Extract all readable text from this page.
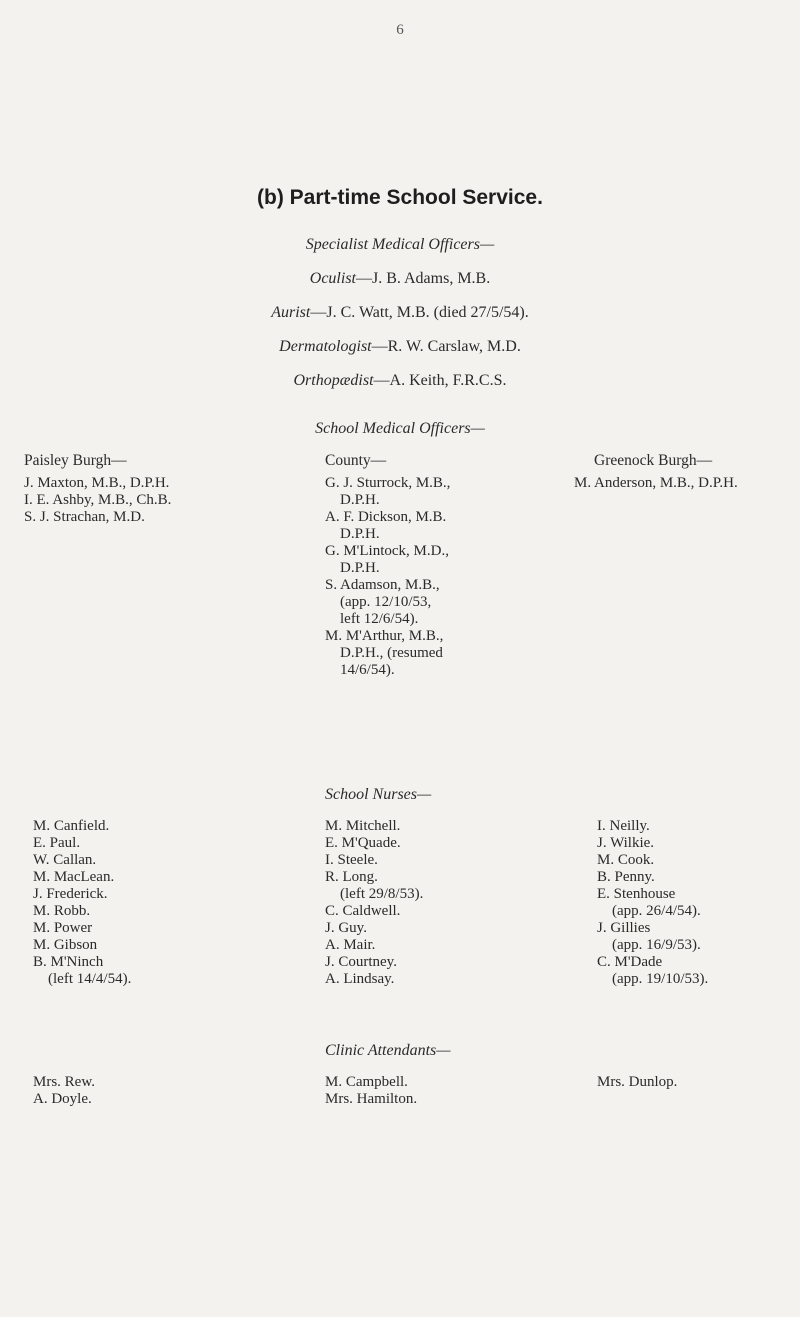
6
(b) Part-time School Service.
Specialist Medical Officers—
Oculist—J. B. Adams, M.B.
Aurist—J. C. Watt, M.B. (died 27/5/54).
Dermatologist—R. W. Carslaw, M.D.
Orthopædist—A. Keith, F.R.C.S.
School Medical Officers—
Paisley Burgh—
J. Maxton, M.B., D.P.H.
I. E. Ashby, M.B., Ch.B.
S. J. Strachan, M.D.
County—
G. J. Sturrock, M.B.,
D.P.H.
A. F. Dickson, M.B.
D.P.H.
G. M'Lintock, M.D.,
D.P.H.
S. Adamson, M.B.,
(app. 12/10/53,
left 12/6/54).
M. M'Arthur, M.B.,
D.P.H., (resumed
14/6/54).
Greenock Burgh—
M. Anderson, M.B., D.P.H.
School Nurses—
M. Canfield.
E. Paul.
W. Callan.
M. MacLean.
J. Frederick.
M. Robb.
M. Power
M. Gibson
B. M'Ninch
(left 14/4/54).
M. Mitchell.
E. M'Quade.
I. Steele.
R. Long.
(left 29/8/53).
C. Caldwell.
J. Guy.
A. Mair.
J. Courtney.
A. Lindsay.
I. Neilly.
J. Wilkie.
M. Cook.
B. Penny.
E. Stenhouse
(app. 26/4/54).
J. Gillies
(app. 16/9/53).
C. M'Dade
(app. 19/10/53).
Clinic Attendants—
Mrs. Rew.
A. Doyle.
M. Campbell.
Mrs. Hamilton.
Mrs. Dunlop.
